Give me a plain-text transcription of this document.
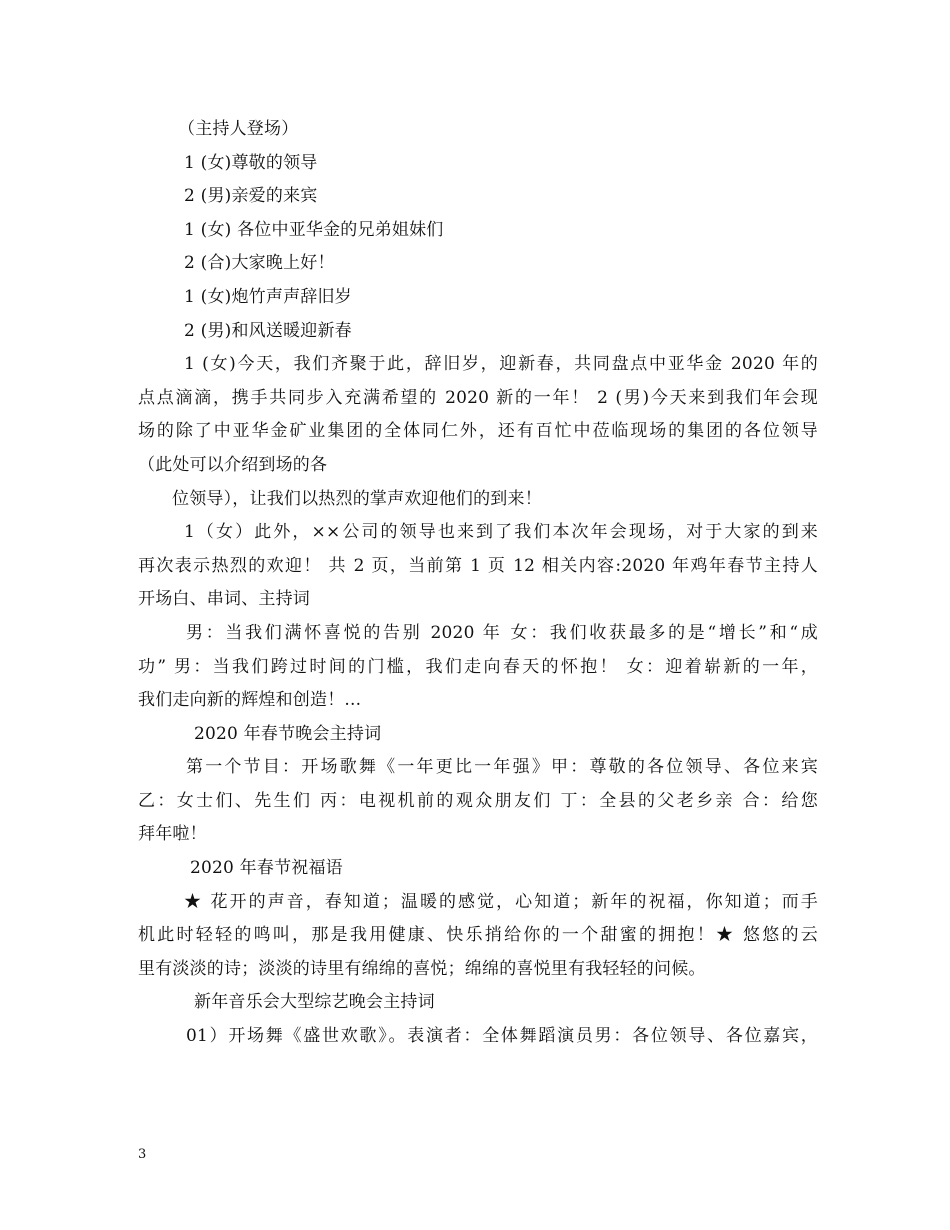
（主持人登场）
1 (女)尊敬的领导
2 (男)亲爱的来宾
1 (女) 各位中亚华金的兄弟姐妹们
2 (合)大家晚上好！
1 (女)炮竹声声辞旧岁
2 (男)和风送暖迎新春
1 (女)今天，我们齐聚于此，辞旧岁，迎新春，共同盘点中亚华金 2020 年的
点点滴滴，携手共同步入充满希望的 2020 新的一年！ 2 (男)今天来到我们年会现
场的除了中亚华金矿业集团的全体同仁外，还有百忙中莅临现场的集团的各位领导
（此处可以介绍到场的各
位领导），让我们以热烈的掌声欢迎他们的到来！
1（女）此外，××公司的领导也来到了我们本次年会现场，对于大家的到来
再次表示热烈的欢迎！ 共 2 页，当前第 1 页 12 相关内容:2020 年鸡年春节主持人
开场白、串词、主持词
男：当我们满怀喜悦的告别 2020 年 女：我们收获最多的是“增长”和“成
功” 男：当我们跨过时间的门槛，我们走向春天的怀抱！ 女：迎着崭新的一年，
我们走向新的辉煌和创造！...
2020 年春节晚会主持词
第一个节目：开场歌舞《一年更比一年强》甲：尊敬的各位领导、各位来宾
乙：女士们、先生们 丙：电视机前的观众朋友们 丁：全县的父老乡亲 合：给您
拜年啦！
2020 年春节祝福语
★ 花开的声音，春知道；温暖的感觉，心知道；新年的祝福，你知道；而手
机此时轻轻的鸣叫，那是我用健康、快乐捎给你的一个甜蜜的拥抱！★ 悠悠的云
里有淡淡的诗；淡淡的诗里有绵绵的喜悦；绵绵的喜悦里有我轻轻的问候。
新年音乐会大型综艺晚会主持词
01）开场舞《盛世欢歌》。表演者：全体舞蹈演员男：各位领导、各位嘉宾，
3
